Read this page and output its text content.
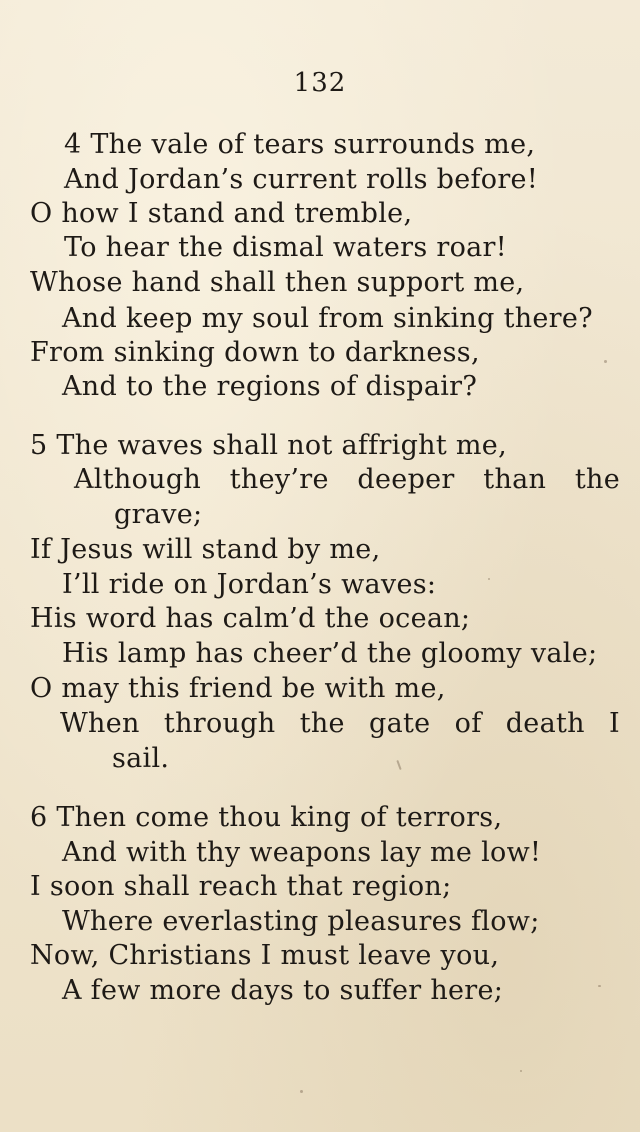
132
4 The vale of tears surrounds me,
And Jordan’s current rolls before!
O how I stand and tremble,
To hear the dismal waters roar!
Whose hand shall then support me,
And keep my soul from sinking there?
From sinking down to darkness,
And to the regions of dispair?
5 The waves shall not affright me,
Although they’re deeper than the
grave;
If Jesus will stand by me,
I’ll ride on Jordan’s waves:
His word has calm’d the ocean;
His lamp has cheer’d the gloomy vale;
O may this friend be with me,
When through the gate of death I
sail.
6 Then come thou king of terrors,
And with thy weapons lay me low!
I soon shall reach that region;
Where everlasting pleasures flow;
Now, Christians I must leave you,
A few more days to suffer here;
